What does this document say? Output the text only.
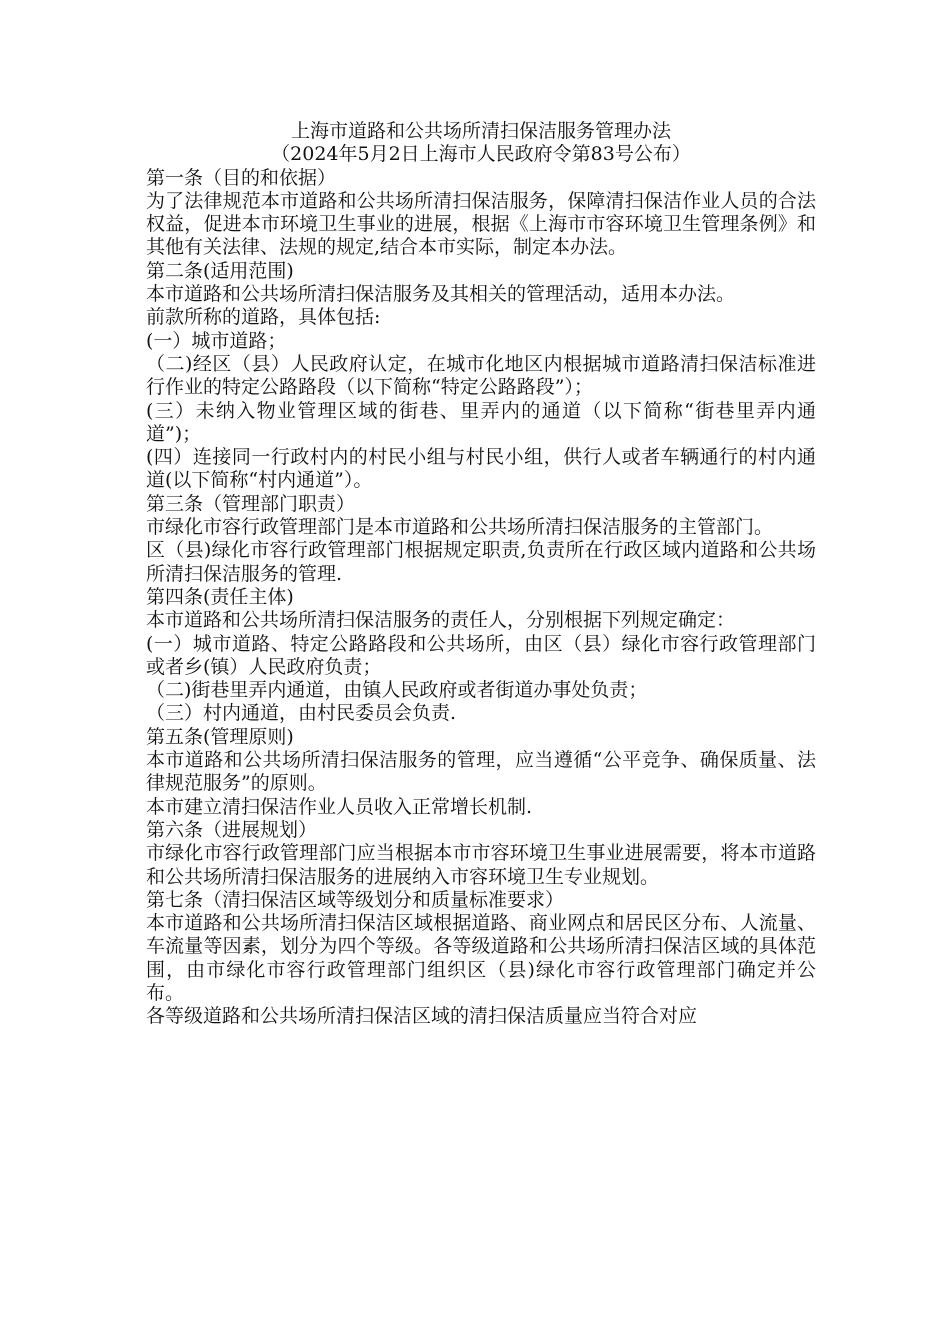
上海市道路和公共场所清扫保洁服务管理办法
（2024年5月2日上海市人民政府令第83号公布）

第一条（目的和依据）

为了法律规范本市道路和公共场所清扫保洁服务，保障清扫保洁作业人员的合法权益，促进本市环境卫生事业的进展，根据《上海市市容环境卫生管理条例》和其他有关法律、法规的规定,结合本市实际，制定本办法。

第二条(适用范围)

本市道路和公共场所清扫保洁服务及其相关的管理活动，适用本办法。

前款所称的道路，具体包括:

(一）城市道路；

（二)经区（县）人民政府认定，在城市化地区内根据城市道路清扫保洁标准进行作业的特定公路路段（以下简称“特定公路路段”）；

(三）未纳入物业管理区域的街巷、里弄内的通道（以下简称“街巷里弄内通道”)；

(四）连接同一行政村内的村民小组与村民小组，供行人或者车辆通行的村内通道(以下简称“村内通道”）。

第三条（管理部门职责）

市绿化市容行政管理部门是本市道路和公共场所清扫保洁服务的主管部门。

区（县)绿化市容行政管理部门根据规定职责,负责所在行政区域内道路和公共场所清扫保洁服务的管理.

第四条(责任主体)

本市道路和公共场所清扫保洁服务的责任人，分别根据下列规定确定：

(一）城市道路、特定公路路段和公共场所，由区（县）绿化市容行政管理部门或者乡(镇）人民政府负责；

（二)街巷里弄内通道，由镇人民政府或者街道办事处负责；

（三）村内通道，由村民委员会负责.

第五条(管理原则)

本市道路和公共场所清扫保洁服务的管理，应当遵循“公平竞争、确保质量、法律规范服务”的原则。

本市建立清扫保洁作业人员收入正常增长机制.

第六条（进展规划）

市绿化市容行政管理部门应当根据本市市容环境卫生事业进展需要，将本市道路和公共场所清扫保洁服务的进展纳入市容环境卫生专业规划。

第七条（清扫保洁区域等级划分和质量标准要求）

本市道路和公共场所清扫保洁区域根据道路、商业网点和居民区分布、人流量、车流量等因素，划分为四个等级。各等级道路和公共场所清扫保洁区域的具体范围，由市绿化市容行政管理部门组织区（县)绿化市容行政管理部门确定并公布。

各等级道路和公共场所清扫保洁区域的清扫保洁质量应当符合对应
